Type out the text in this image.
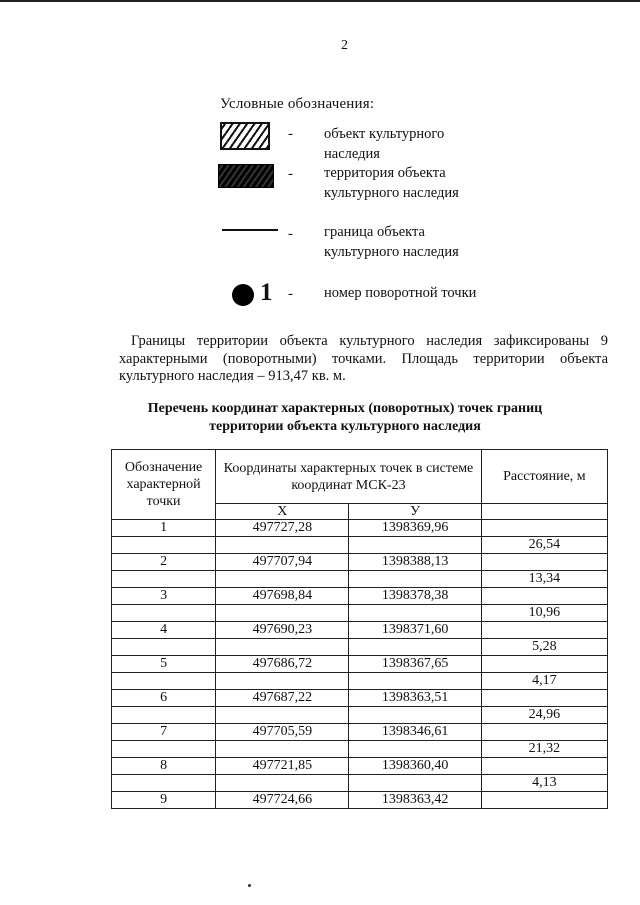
2
Условные обозначения:
- объект культурного наследия
- территория объекта культурного наследия
- граница объекта культурного наследия
1 - номер поворотной точки
Границы территории объекта культурного наследия зафиксированы 9 характерными (поворотными) точками. Площадь территории объекта культурного наследия – 913,47 кв. м.
Перечень координат характерных (поворотных) точек границ территории объекта культурного наследия
Обозначение характерной точки	Координаты характерных точек в системе координат МСК-23		Расстояние, м
	X	У	
1	497727,28	1398369,96	
			26,54
2	497707,94	1398388,13	
			13,34
3	497698,84	1398378,38	
			10,96
4	497690,23	1398371,60	
			5,28
5	497686,72	1398367,65	
			4,17
6	497687,22	1398363,51	
			24,96
7	497705,59	1398346,61	
			21,32
8	497721,85	1398360,40	
			4,13
9	497724,66	1398363,42	
